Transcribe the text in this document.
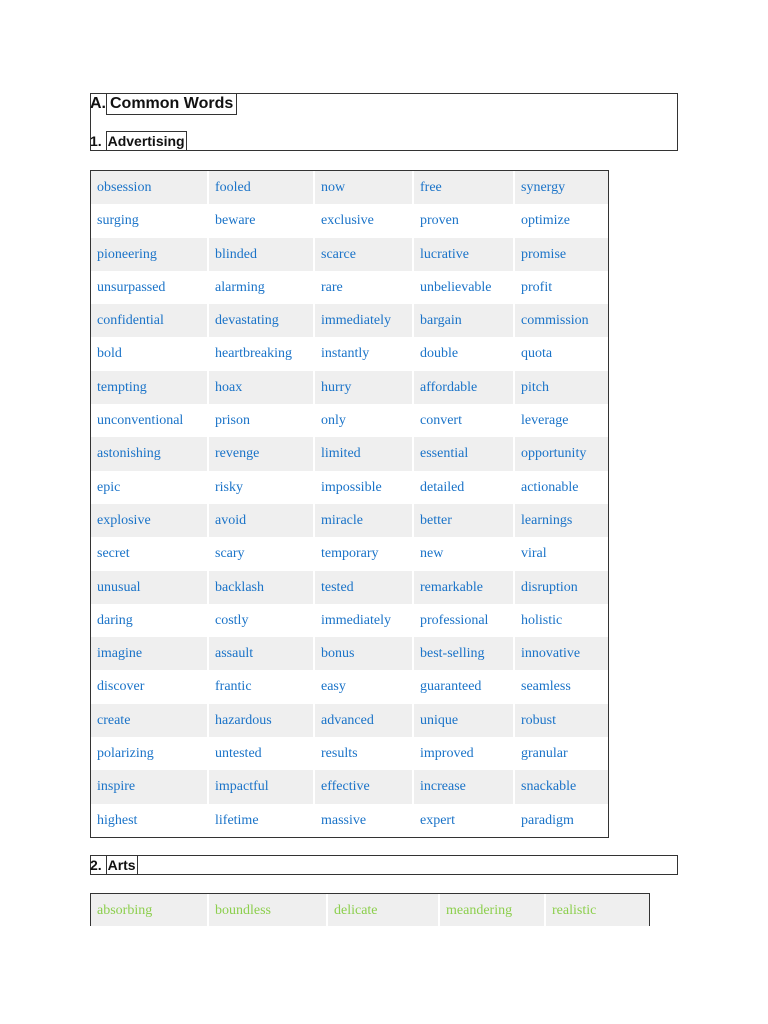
A. Common Words
1. Advertising
obsession	fooled	now	free	synergy
surging	beware	exclusive	proven	optimize
pioneering	blinded	scarce	lucrative	promise
unsurpassed	alarming	rare	unbelievable	profit
confidential	devastating	immediately	bargain	commission
bold	heartbreaking	instantly	double	quota
tempting	hoax	hurry	affordable	pitch
unconventional	prison	only	convert	leverage
astonishing	revenge	limited	essential	opportunity
epic	risky	impossible	detailed	actionable
explosive	avoid	miracle	better	learnings
secret	scary	temporary	new	viral
unusual	backlash	tested	remarkable	disruption
daring	costly	immediately	professional	holistic
imagine	assault	bonus	best-selling	innovative
discover	frantic	easy	guaranteed	seamless
create	hazardous	advanced	unique	robust
polarizing	untested	results	improved	granular
inspire	impactful	effective	increase	snackable
highest	lifetime	massive	expert	paradigm
2. Arts
absorbing	boundless	delicate	meandering	realistic
